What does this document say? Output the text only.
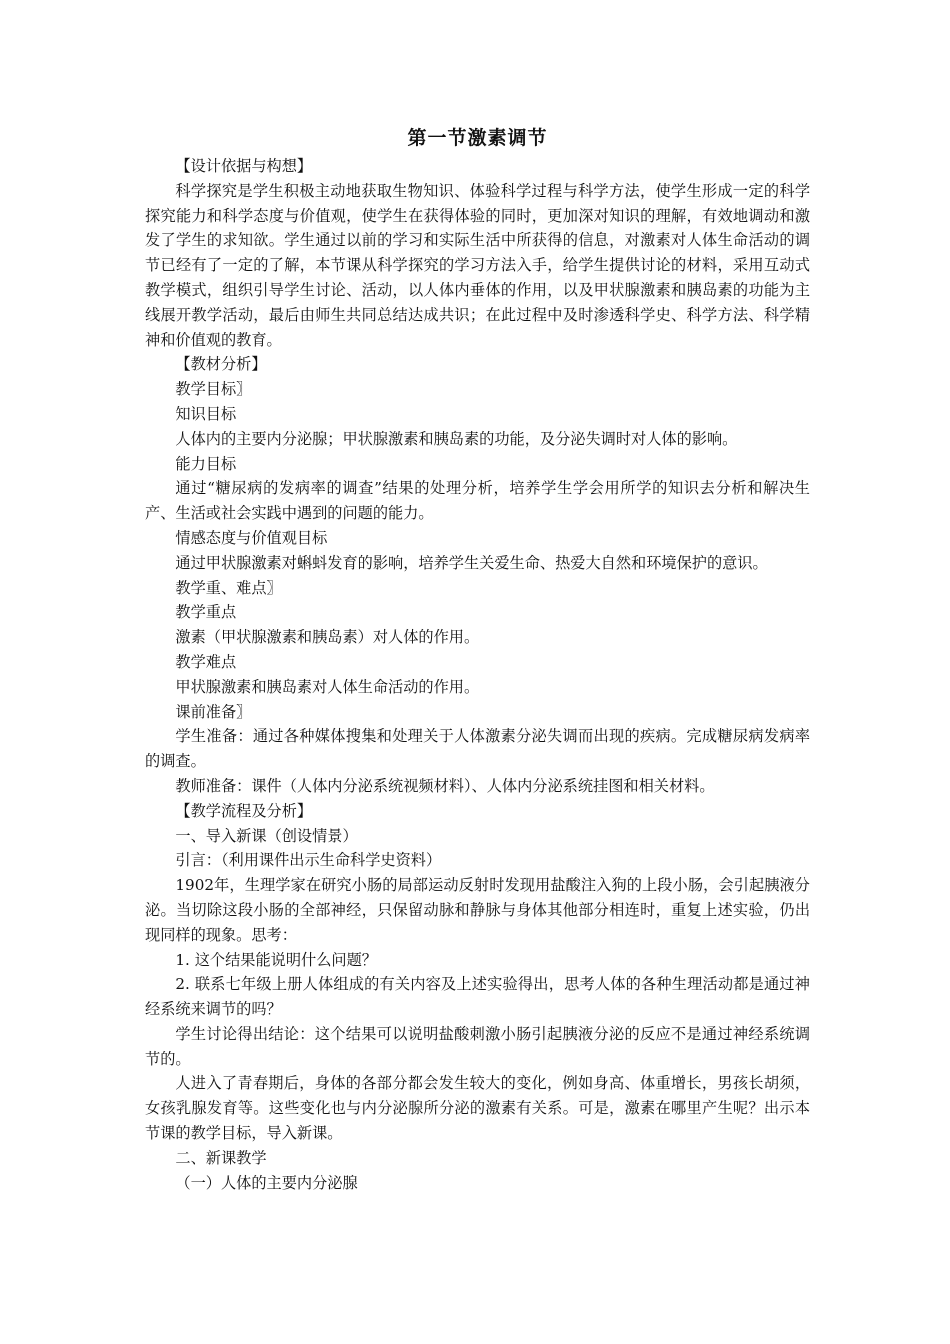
第一节激素调节

【设计依据与构想】

科学探究是学生积极主动地获取生物知识、体验科学过程与科学方法，使学生形成一定的科学探究能力和科学态度与价值观，使学生在获得体验的同时，更加深对知识的理解，有效地调动和激发了学生的求知欲。学生通过以前的学习和实际生活中所获得的信息，对激素对人体生命活动的调节已经有了一定的了解，本节课从科学探究的学习方法入手，给学生提供讨论的材料，采用互动式教学模式，组织引导学生讨论、活动，以人体内垂体的作用，以及甲状腺激素和胰岛素的功能为主线展开教学活动，最后由师生共同总结达成共识；在此过程中及时渗透科学史、科学方法、科学精神和价值观的教育。

【教材分析】

教学目标〗

知识目标

人体内的主要内分泌腺；甲状腺激素和胰岛素的功能，及分泌失调时对人体的影响。

能力目标

通过“糖尿病的发病率的调查”结果的处理分析，培养学生学会用所学的知识去分析和解决生产、生活或社会实践中遇到的问题的能力。

情感态度与价值观目标

通过甲状腺激素对蝌蚪发育的影响，培养学生关爱生命、热爱大自然和环境保护的意识。

教学重、难点〗

教学重点

激素（甲状腺激素和胰岛素）对人体的作用。

教学难点

甲状腺激素和胰岛素对人体生命活动的作用。

课前准备〗

学生准备：通过各种媒体搜集和处理关于人体激素分泌失调而出现的疾病。完成糖尿病发病率的调查。

教师准备：课件（人体内分泌系统视频材料）、人体内分泌系统挂图和相关材料。

【教学流程及分析】

一、导入新课（创设情景）

引言：（利用课件出示生命科学史资料）

1902年，生理学家在研究小肠的局部运动反射时发现用盐酸注入狗的上段小肠，会引起胰液分泌。当切除这段小肠的全部神经，只保留动脉和静脉与身体其他部分相连时，重复上述实验，仍出现同样的现象。思考：

1. 这个结果能说明什么问题？

2. 联系七年级上册人体组成的有关内容及上述实验得出，思考人体的各种生理活动都是通过神经系统来调节的吗？

学生讨论得出结论：这个结果可以说明盐酸刺激小肠引起胰液分泌的反应不是通过神经系统调节的。

人进入了青春期后，身体的各部分都会发生较大的变化，例如身高、体重增长，男孩长胡须，女孩乳腺发育等。这些变化也与内分泌腺所分泌的激素有关系。可是，激素在哪里产生呢？出示本节课的教学目标，导入新课。

二、新课教学

（一）人体的主要内分泌腺
